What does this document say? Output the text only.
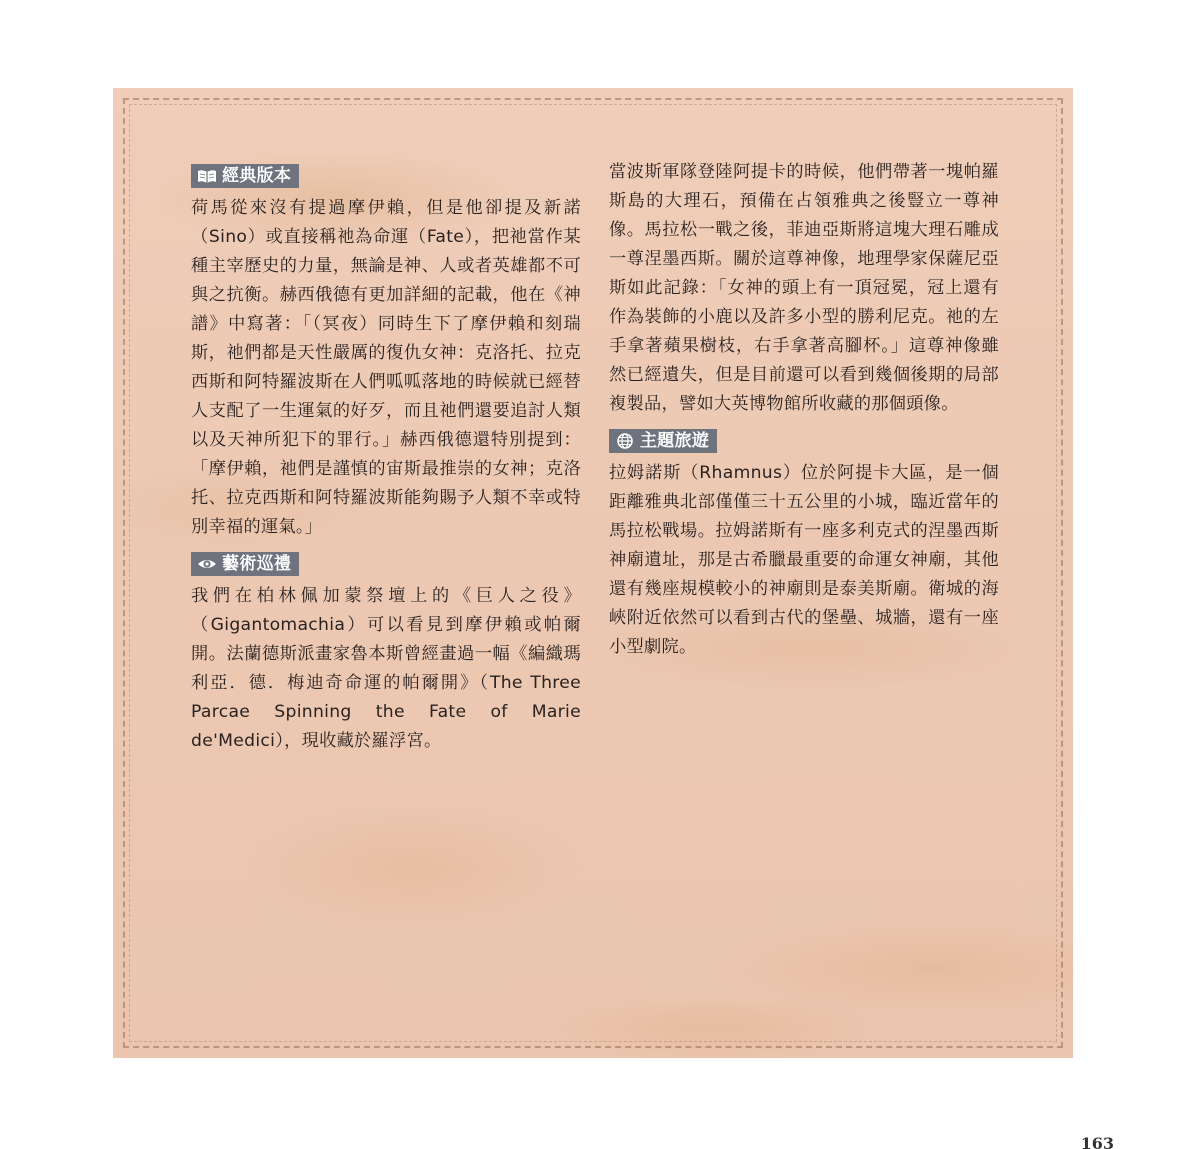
經典版本

荷馬從來沒有提過摩伊賴，但是他卻提及新諾（Sino）或直接稱祂為命運（Fate），把祂當作某種主宰歷史的力量，無論是神、人或者英雄都不可與之抗衡。赫西俄德有更加詳細的記載，他在《神譜》中寫著：「（冥夜）同時生下了摩伊賴和刻瑞斯，祂們都是天性嚴厲的復仇女神：克洛托、拉克西斯和阿特羅波斯在人們呱呱落地的時候就已經替人支配了一生運氣的好歹，而且祂們還要追討人類以及天神所犯下的罪行。」赫西俄德還特別提到：「摩伊賴，祂們是謹慎的宙斯最推崇的女神；克洛托、拉克西斯和阿特羅波斯能夠賜予人類不幸或特別幸福的運氣。」

藝術巡禮

我們在柏林佩加蒙祭壇上的《巨人之役》（Gigantomachia）可以看見到摩伊賴或帕爾開。法蘭德斯派畫家魯本斯曾經畫過一幅《編織瑪利亞．德．梅迪奇命運的帕爾開》（The Three Parcae Spinning the Fate of Marie de'Medici），現收藏於羅浮宮。

當波斯軍隊登陸阿提卡的時候，他們帶著一塊帕羅斯島的大理石，預備在占領雅典之後豎立一尊神像。馬拉松一戰之後，菲迪亞斯將這塊大理石雕成一尊涅墨西斯。關於這尊神像，地理學家保薩尼亞斯如此記錄：「女神的頭上有一頂冠冕，冠上還有作為裝飾的小鹿以及許多小型的勝利尼克。祂的左手拿著蘋果樹枝，右手拿著高腳杯。」這尊神像雖然已經遺失，但是目前還可以看到幾個後期的局部複製品，譬如大英博物館所收藏的那個頭像。

主題旅遊

拉姆諾斯（Rhamnus）位於阿提卡大區，是一個距離雅典北部僅僅三十五公里的小城，臨近當年的馬拉松戰場。拉姆諾斯有一座多利克式的涅墨西斯神廟遺址，那是古希臘最重要的命運女神廟，其他還有幾座規模較小的神廟則是泰美斯廟。衛城的海峽附近依然可以看到古代的堡壘、城牆，還有一座小型劇院。

163
